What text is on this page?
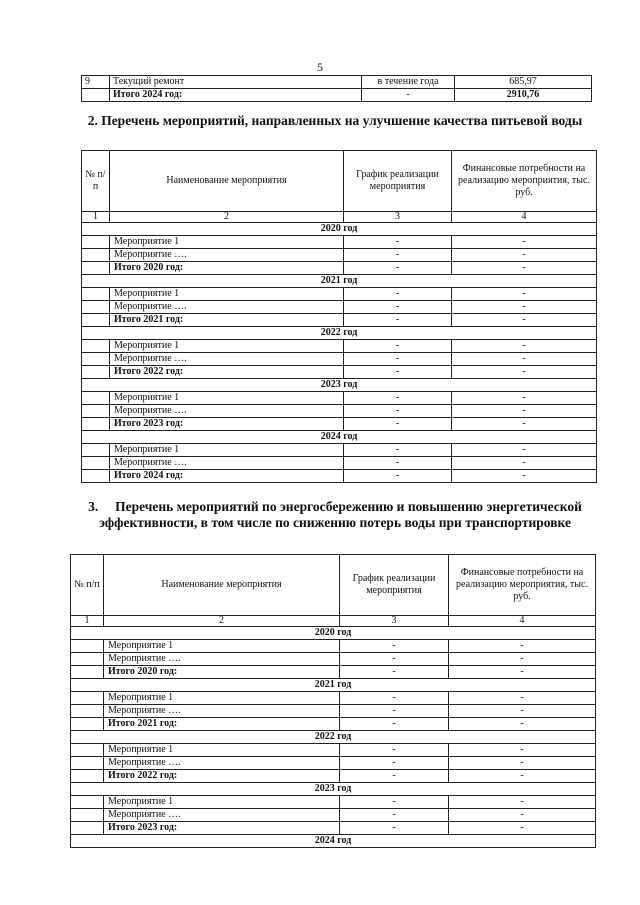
5
9	Текущий ремонт	в течение года	685,97
	Итого 2024 год:	-	2910,76

2. Перечень мероприятий, направленных на улучшение качества питьевой воды

№ п/п	Наименование мероприятия	График реализации мероприятия	Финансовые потребности на реализацию мероприятия, тыс. руб.
1	2	3	4
2020 год			
	Мероприятие 1	-	-
	Мероприятие ….	-	-
	Итого 2020 год:	-	-
2021 год			
	Мероприятие 1	-	-
	Мероприятие ….	-	-
	Итого 2021 год:	-	-
2022 год			
	Мероприятие 1	-	-
	Мероприятие ….	-	-
	Итого 2022 год:	-	-
2023 год			
	Мероприятие 1	-	-
	Мероприятие ….	-	-
	Итого 2023 год:	-	-
2024 год			
	Мероприятие 1	-	-
	Мероприятие ….	-	-
	Итого 2024 год:	-	-

3. Перечень мероприятий по энергосбережению и повышению энергетической эффективности, в том числе по снижению потерь воды при транспортировке

№ п/п	Наименование мероприятия	График реализации мероприятия	Финансовые потребности на реализацию мероприятия, тыс. руб.
1	2	3	4
2020 год			
	Мероприятие 1	-	-
	Мероприятие ….	-	-
	Итого 2020 год:	-	-
2021 год			
	Мероприятие 1	-	-
	Мероприятие ….	-	-
	Итого 2021 год:	-	-
2022 год			
	Мероприятие 1	-	-
	Мероприятие ….	-	-
	Итого 2022 год:	-	-
2023 год			
	Мероприятие 1	-	-
	Мероприятие ….	-	-
	Итого 2023 год:	-	-
2024 год			
